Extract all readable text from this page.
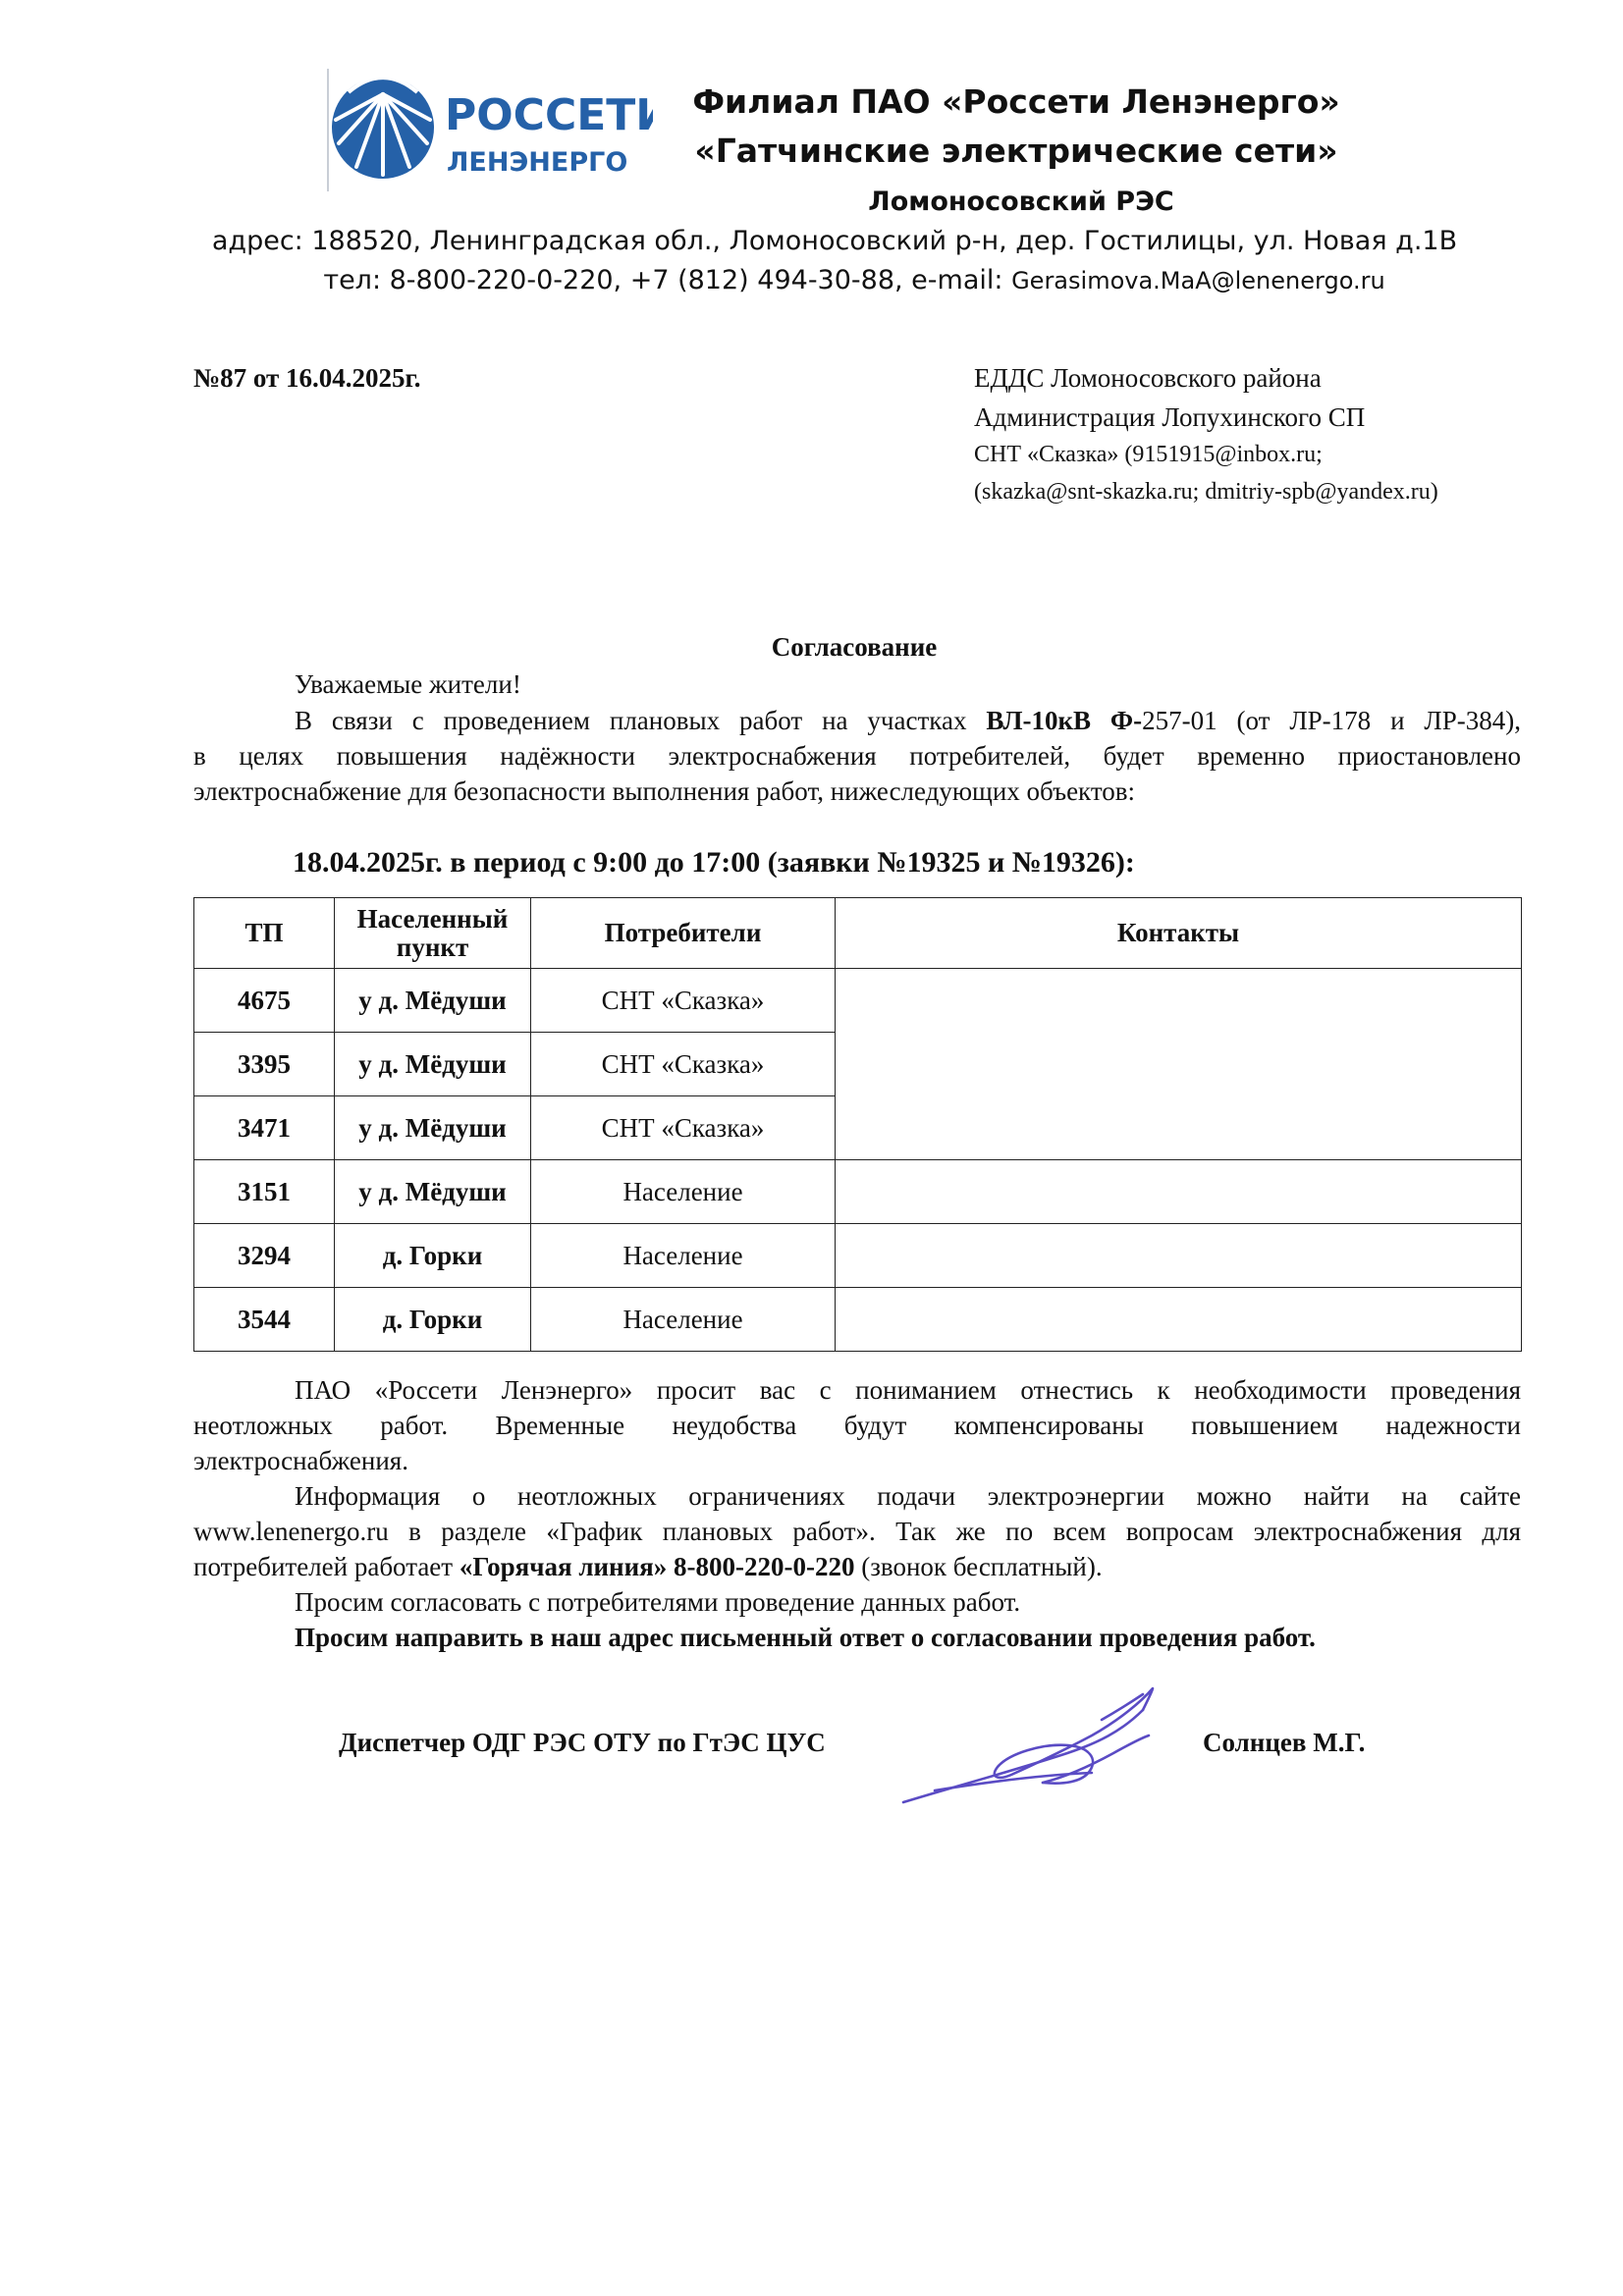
РОССЕТИ
ЛЕНЭНЕРГО
Филиал ПАО «Россети Ленэнерго»
«Гатчинские электрические сети»
Ломоносовский РЭС
адрес: 188520, Ленинградская обл., Ломоносовский р-н, дер. Гостилицы, ул. Новая д.1В
тел: 8-800-220-0-220, +7 (812) 494-30-88, e-mail: Gerasimova.MaA@lenenergo.ru
№87 от 16.04.2025г.	ЕДДС Ломоносовского района
Администрация Лопухинского СП
СНТ «Сказка» (9151915@inbox.ru;
(skazka@snt-skazka.ru; dmitriy-spb@yandex.ru)
Согласование
Уважаемые жители!
В связи с проведением плановых работ на участках ВЛ-10кВ Ф-257-01 (от ЛР-178 и ЛР-384),
в целях повышения надёжности электроснабжения потребителей, будет временно приостановлено
электроснабжение для безопасности выполнения работ, нижеследующих объектов:
18.04.2025г. в период с 9:00 до 17:00 (заявки №19325 и №19326):
ТП	Населенный пункт	Потребители	Контакты
4675	у д. Мёдуши	СНТ «Сказка»	
3395	у д. Мёдуши	СНТ «Сказка»	
3471	у д. Мёдуши	СНТ «Сказка»	
3151	у д. Мёдуши	Население	
3294	д. Горки	Население	
3544	д. Горки	Население	
ПАО «Россети Ленэнерго» просит вас с пониманием отнестись к необходимости проведения
неотложных работ. Временные неудобства будут компенсированы повышением надежности
электроснабжения.
Информация о неотложных ограничениях подачи электроэнергии можно найти на сайте
www.lenenergo.ru в разделе «График плановых работ». Так же по всем вопросам электроснабжения для
потребителей работает «Горячая линия» 8-800-220-0-220 (звонок бесплатный).
Просим согласовать с потребителями проведение данных работ.
Просим направить в наш адрес письменный ответ о согласовании проведения работ.
Диспетчер ОДГ РЭС ОТУ по ГтЭС ЦУС	Солнцев М.Г.
